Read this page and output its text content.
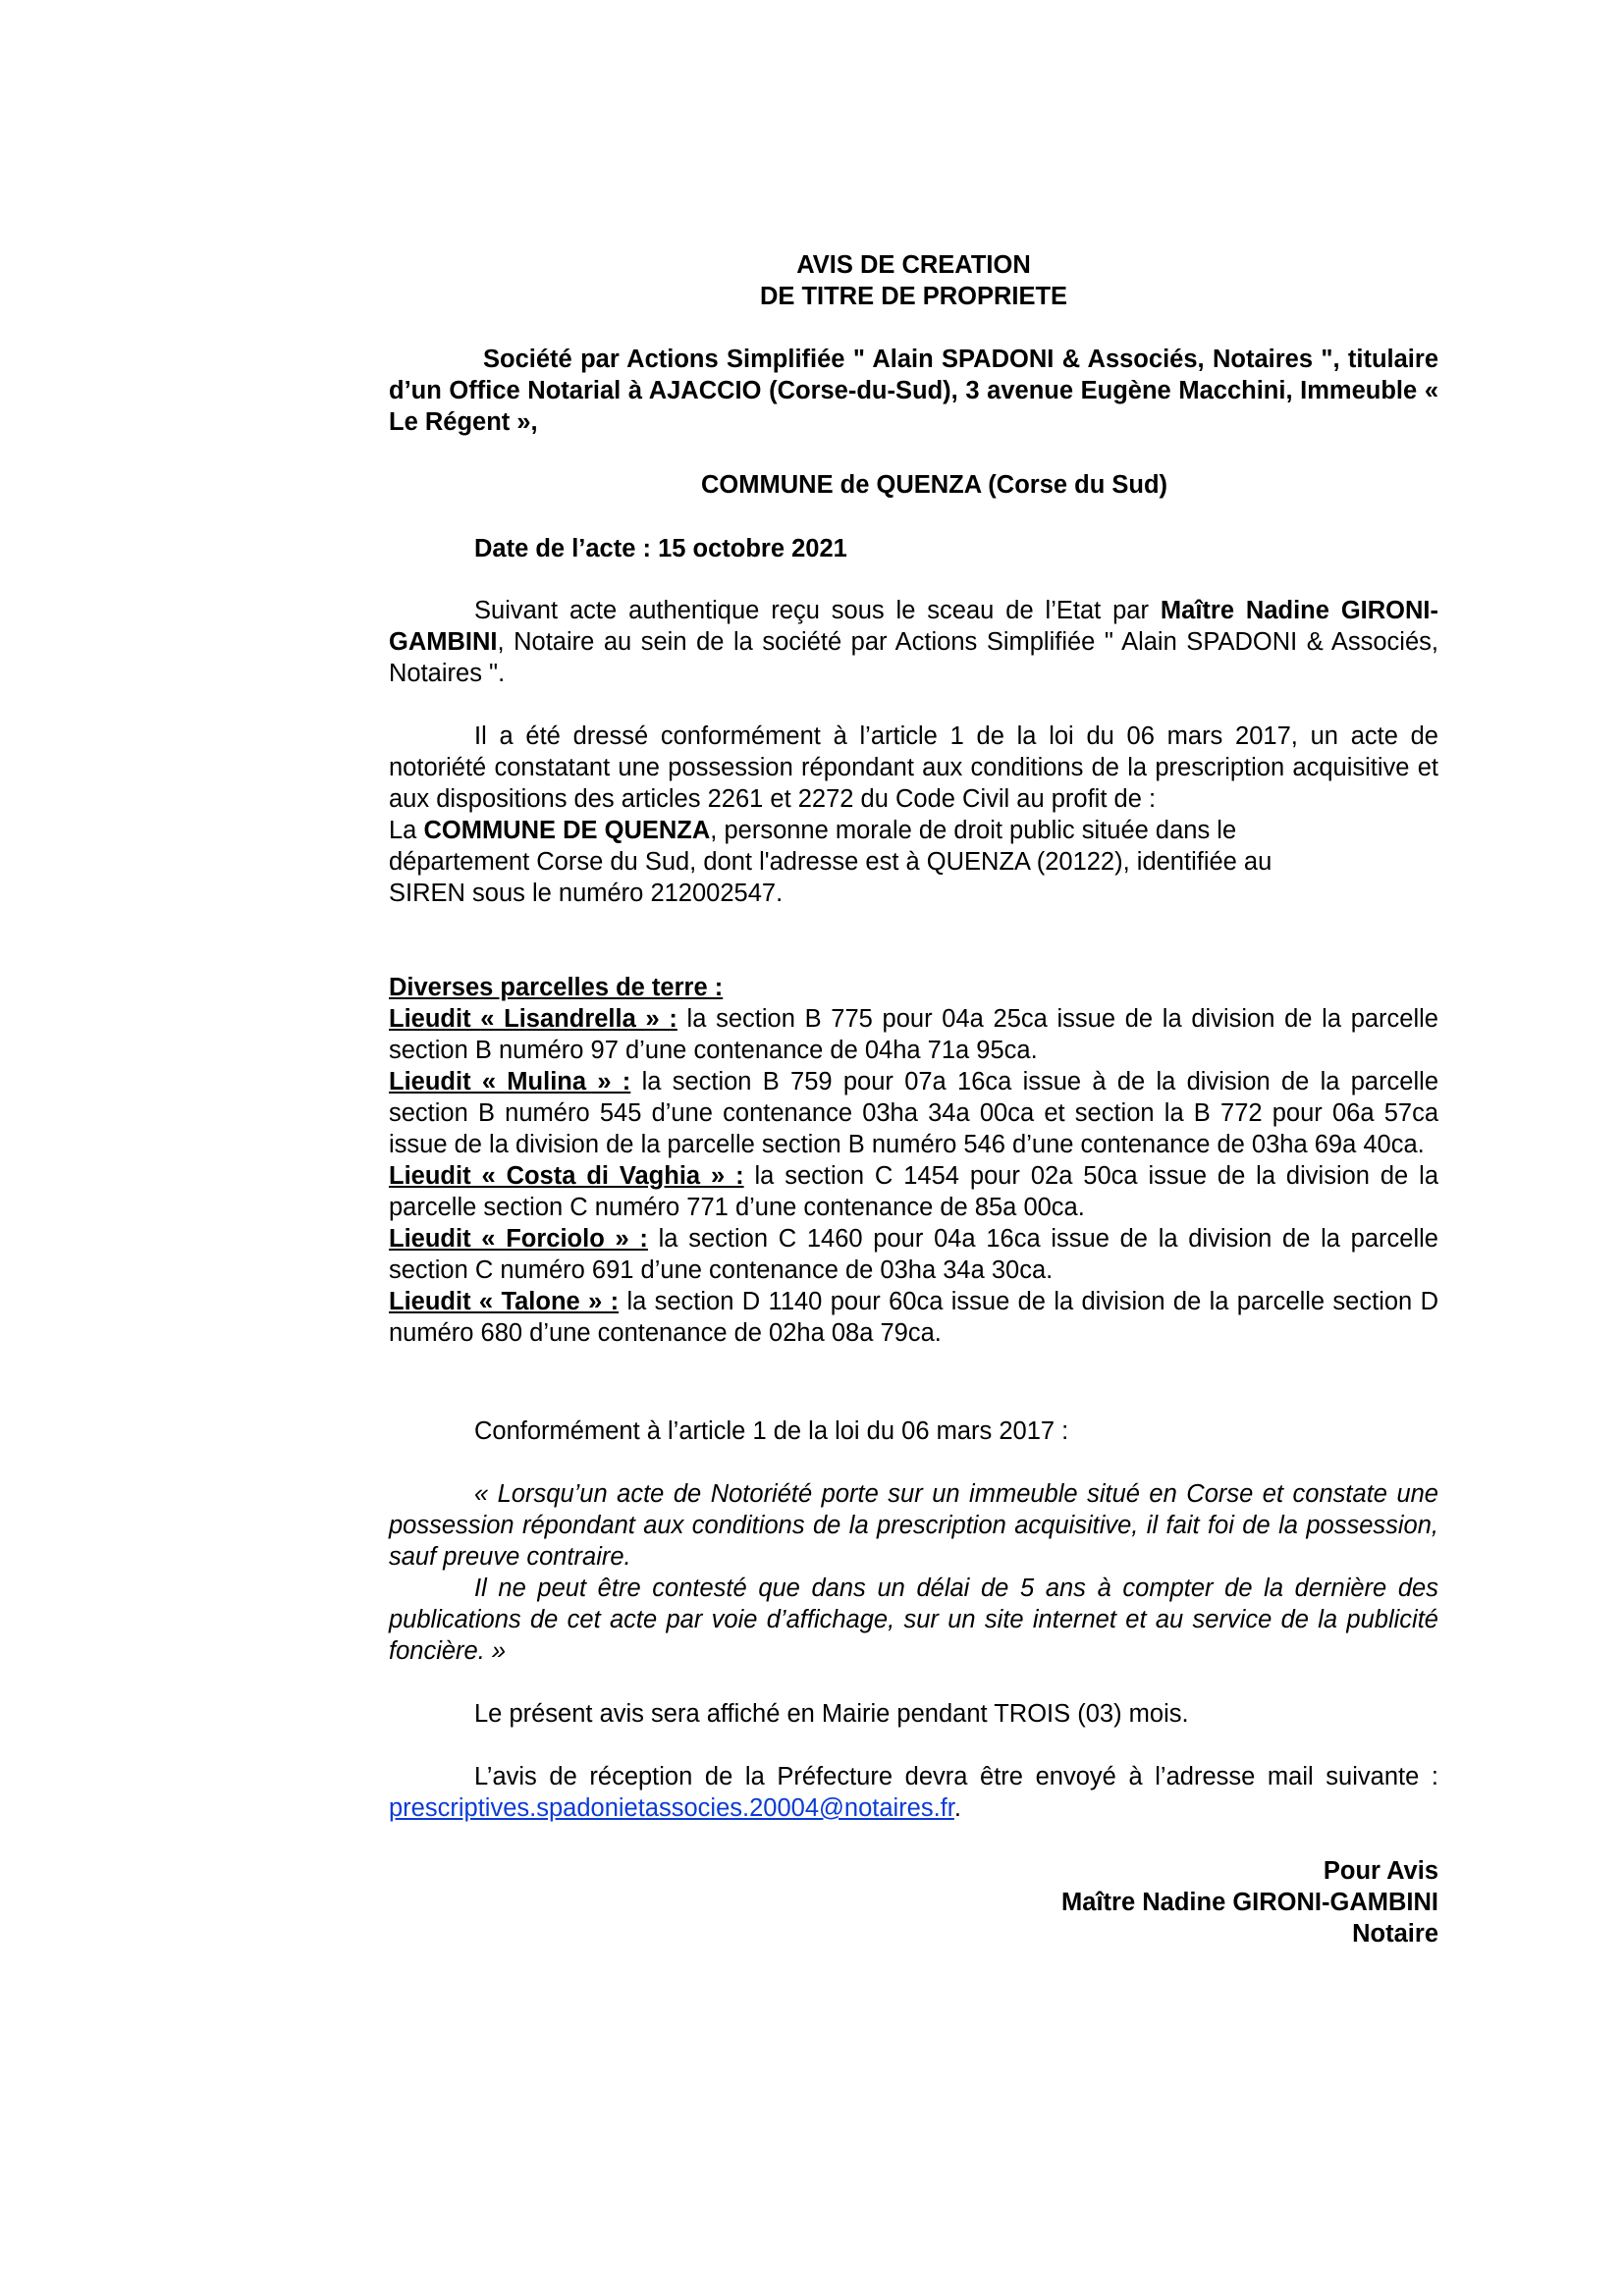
AVIS DE CREATION

DE TITRE DE PROPRIETE

Société par Actions Simplifiée " Alain SPADONI & Associés, Notaires ", titulaire d’un Office Notarial à AJACCIO (Corse-du-Sud), 3 avenue Eugène Macchini, Immeuble « Le Régent »,

COMMUNE de QUENZA (Corse du Sud)

Date de l’acte : 15 octobre 2021

Suivant acte authentique reçu sous le sceau de l’Etat par Maître Nadine GIRONI-GAMBINI, Notaire au sein de la société par Actions Simplifiée " Alain SPADONI & Associés, Notaires ".

Il a été dressé conformément à l’article 1 de la loi du 06 mars 2017, un acte de notoriété constatant une possession répondant aux conditions de la prescription acquisitive et aux dispositions des articles 2261 et 2272 du Code Civil au profit de :

La COMMUNE DE QUENZA, personne morale de droit public située dans le
département Corse du Sud, dont l'adresse est à QUENZA (20122), identifiée au
SIREN sous le numéro 212002547.

Diverses parcelles de terre :

Lieudit « Lisandrella » : la section B 775 pour 04a 25ca issue de la division de la parcelle section B numéro 97 d’une contenance de 04ha 71a 95ca.

Lieudit « Mulina » : la section B 759 pour 07a 16ca issue à de la division de la parcelle section B numéro 545 d’une contenance 03ha 34a 00ca et section la B 772 pour 06a 57ca issue de la division de la parcelle section B numéro 546 d’une contenance de 03ha 69a 40ca.

Lieudit « Costa di Vaghia » : la section C 1454 pour 02a 50ca issue de la division de la parcelle section C numéro 771 d’une contenance de 85a 00ca.

Lieudit « Forciolo » : la section C 1460 pour 04a 16ca issue de la division de la parcelle section C numéro 691 d’une contenance de 03ha 34a 30ca.

Lieudit « Talone » : la section D 1140 pour 60ca issue de la division de la parcelle section D numéro 680 d’une contenance de 02ha 08a 79ca.

Conformément à l’article 1 de la loi du 06 mars 2017 :

« Lorsqu’un acte de Notoriété porte sur un immeuble situé en Corse et constate une possession répondant aux conditions de la prescription acquisitive, il fait foi de la possession, sauf preuve contraire.

Il ne peut être contesté que dans un délai de 5 ans à compter de la dernière des publications de cet acte par voie d’affichage, sur un site internet et au service de la publicité foncière. »

Le présent avis sera affiché en Mairie pendant TROIS (03) mois.

L’avis de réception de la Préfecture devra être envoyé à l’adresse mail suivante : prescriptives.spadonietassocies.20004@notaires.fr.

Pour Avis

Maître Nadine GIRONI-GAMBINI

Notaire
